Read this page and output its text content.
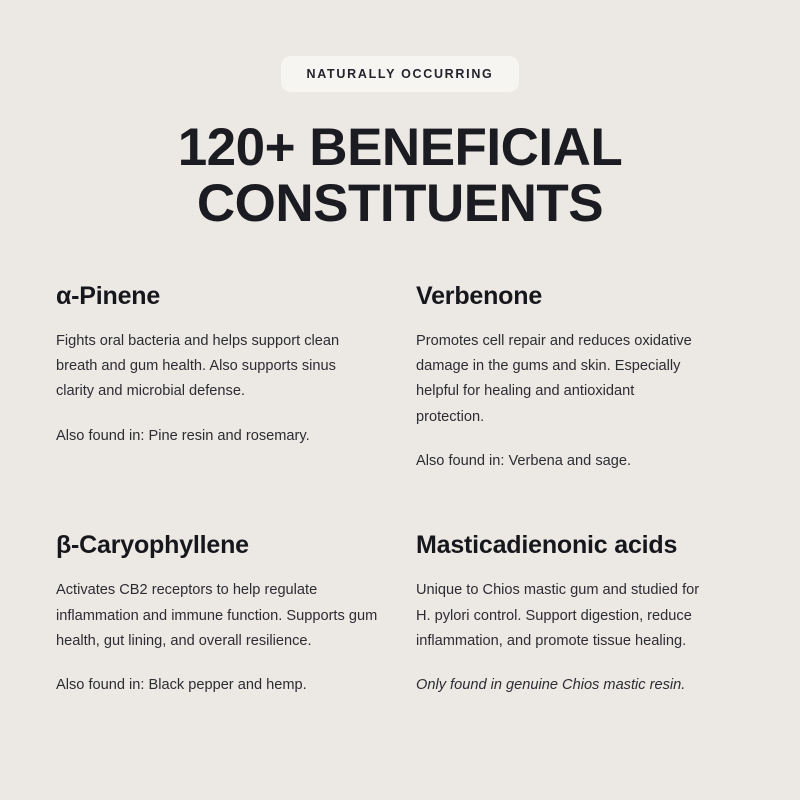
NATURALLY OCCURRING
120+ BENEFICIAL CONSTITUENTS
α-Pinene

Fights oral bacteria and helps support clean breath and gum health. Also supports sinus clarity and microbial defense.

Also found in: Pine resin and rosemary.

Verbenone

Promotes cell repair and reduces oxidative damage in the gums and skin. Especially helpful for healing and antioxidant protection.

Also found in: Verbena and sage.

β-Caryophyllene

Activates CB2 receptors to help regulate inflammation and immune function. Supports gum health, gut lining, and overall resilience.

Also found in: Black pepper and hemp.

Masticadienonic acids

Unique to Chios mastic gum and studied for H. pylori control. Support digestion, reduce inflammation, and promote tissue healing.

Only found in genuine Chios mastic resin.
